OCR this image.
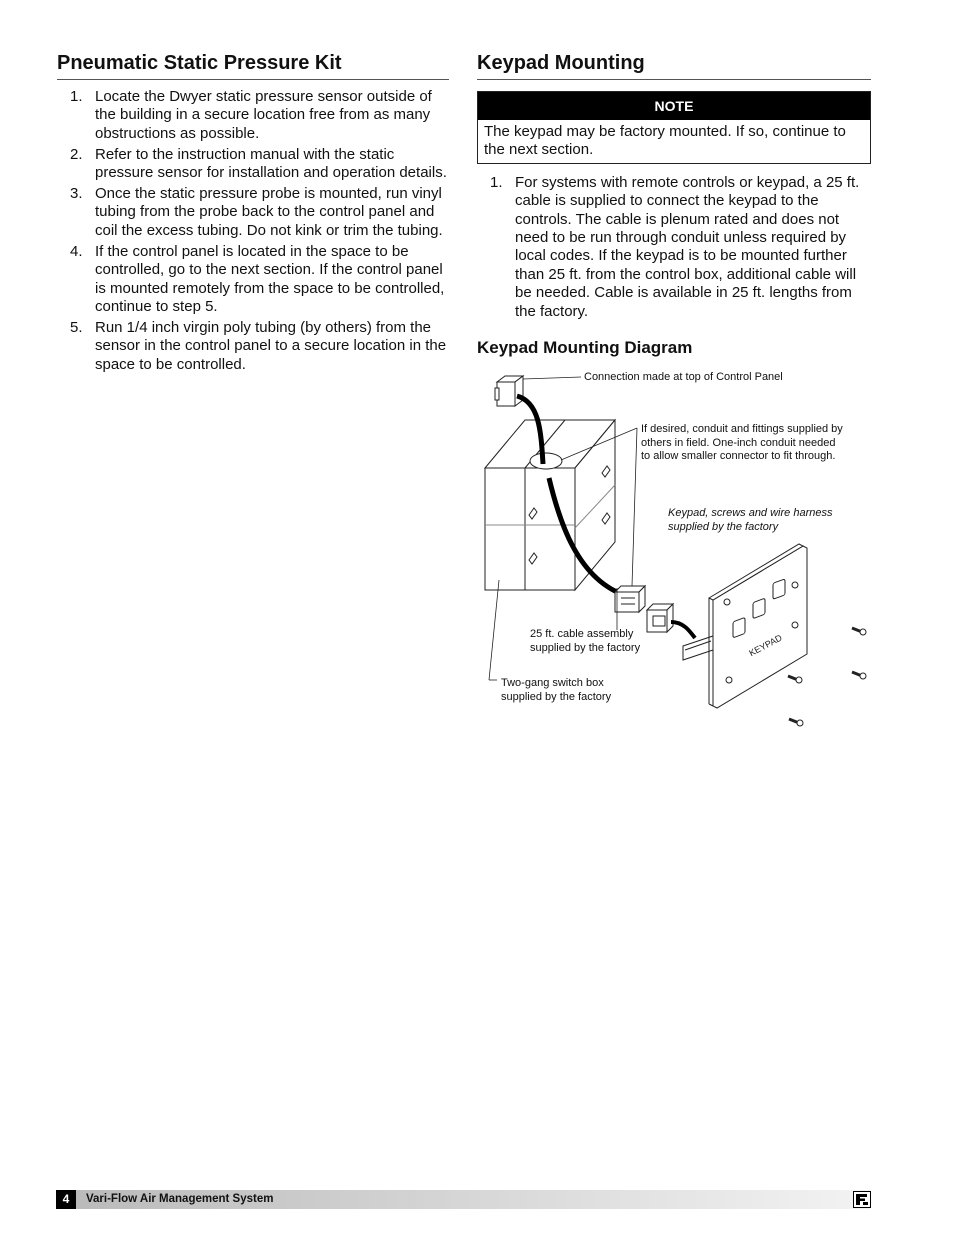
Pneumatic Static Pressure Kit
1. Locate the Dwyer static pressure sensor outside of the building in a secure location free from as many obstructions as possible.
2. Refer to the instruction manual with the static pressure sensor for installation and operation details.
3. Once the static pressure probe is mounted, run vinyl tubing from the probe back to the control panel and coil the excess tubing. Do not kink or trim the tubing.
4. If the control panel is located in the space to be controlled, go to the next section. If the control panel is mounted remotely from the space to be controlled, continue to step 5.
5. Run 1/4 inch virgin poly tubing (by others) from the sensor in the control panel to a secure location in the space to be controlled.
Keypad Mounting
NOTE
The keypad may be factory mounted. If so, continue to the next section.
1. For systems with remote controls or keypad, a 25 ft. cable is supplied to connect the keypad to the controls. The cable is plenum rated and does not need to be run through conduit unless required by local codes. If the keypad is to be mounted further than 25 ft. from the control box, additional cable will be needed. Cable is available in 25 ft. lengths from the factory.
Keypad Mounting Diagram
KEYPAD
Connection made at top of Control Panel
If desired, conduit and fittings supplied by
others in field. One-inch conduit needed
to allow smaller connector to fit through.
Keypad, screws and wire harness
supplied by the factory
25 ft. cable assembly
supplied by the factory
Two-gang switch box
supplied by the factory
4	Vari-Flow Air Management System
